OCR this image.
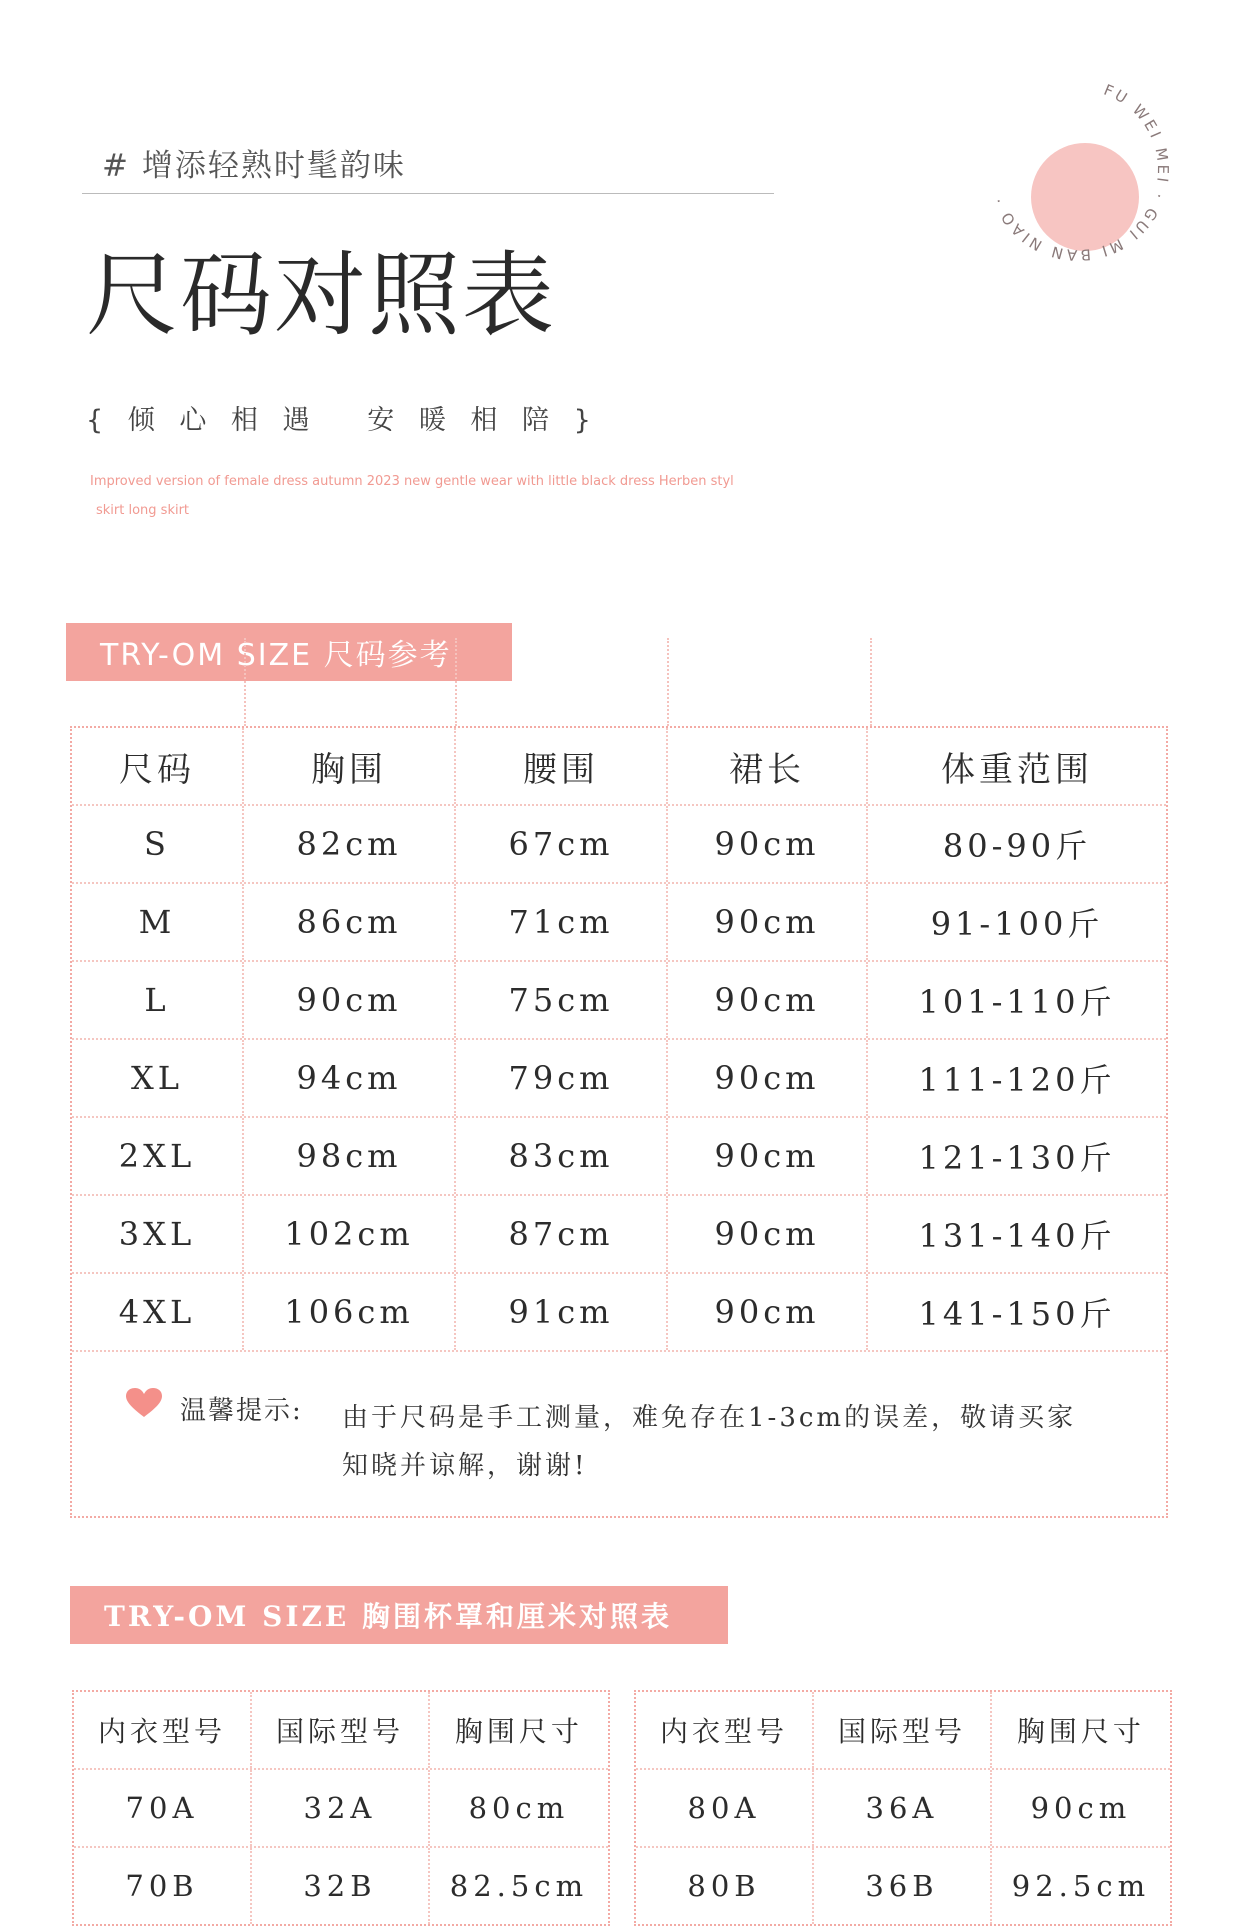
# 增添轻熟时髦韵味
尺码对照表
{ 倾 心 相 遇   安 暖 相 陪 }
Improved version of female dress autumn 2023 new gentle wear with little black dress Herben styl
skirt long skirt
FU WEI MEI · GUI MI BAN NIAO ·
TRY-OM SIZE 尺码参考
尺码	胸围	腰围	裙长	体重范围
S	82cm	67cm	90cm	80-90斤
M	86cm	71cm	90cm	91-100斤
L	90cm	75cm	90cm	101-110斤
XL	94cm	79cm	90cm	111-120斤
2XL	98cm	83cm	90cm	121-130斤
3XL	102cm	87cm	90cm	131-140斤
4XL	106cm	91cm	90cm	141-150斤
温馨提示: 由于尺码是手工测量，难免存在1-3cm的误差，敬请买家知晓并谅解，谢谢!
TRY-OM SIZE 胸围杯罩和厘米对照表
内衣型号	国际型号	胸围尺寸
70A	32A	80cm
70B	32B	82.5cm
内衣型号	国际型号	胸围尺寸
80A	36A	90cm
80B	36B	92.5cm
